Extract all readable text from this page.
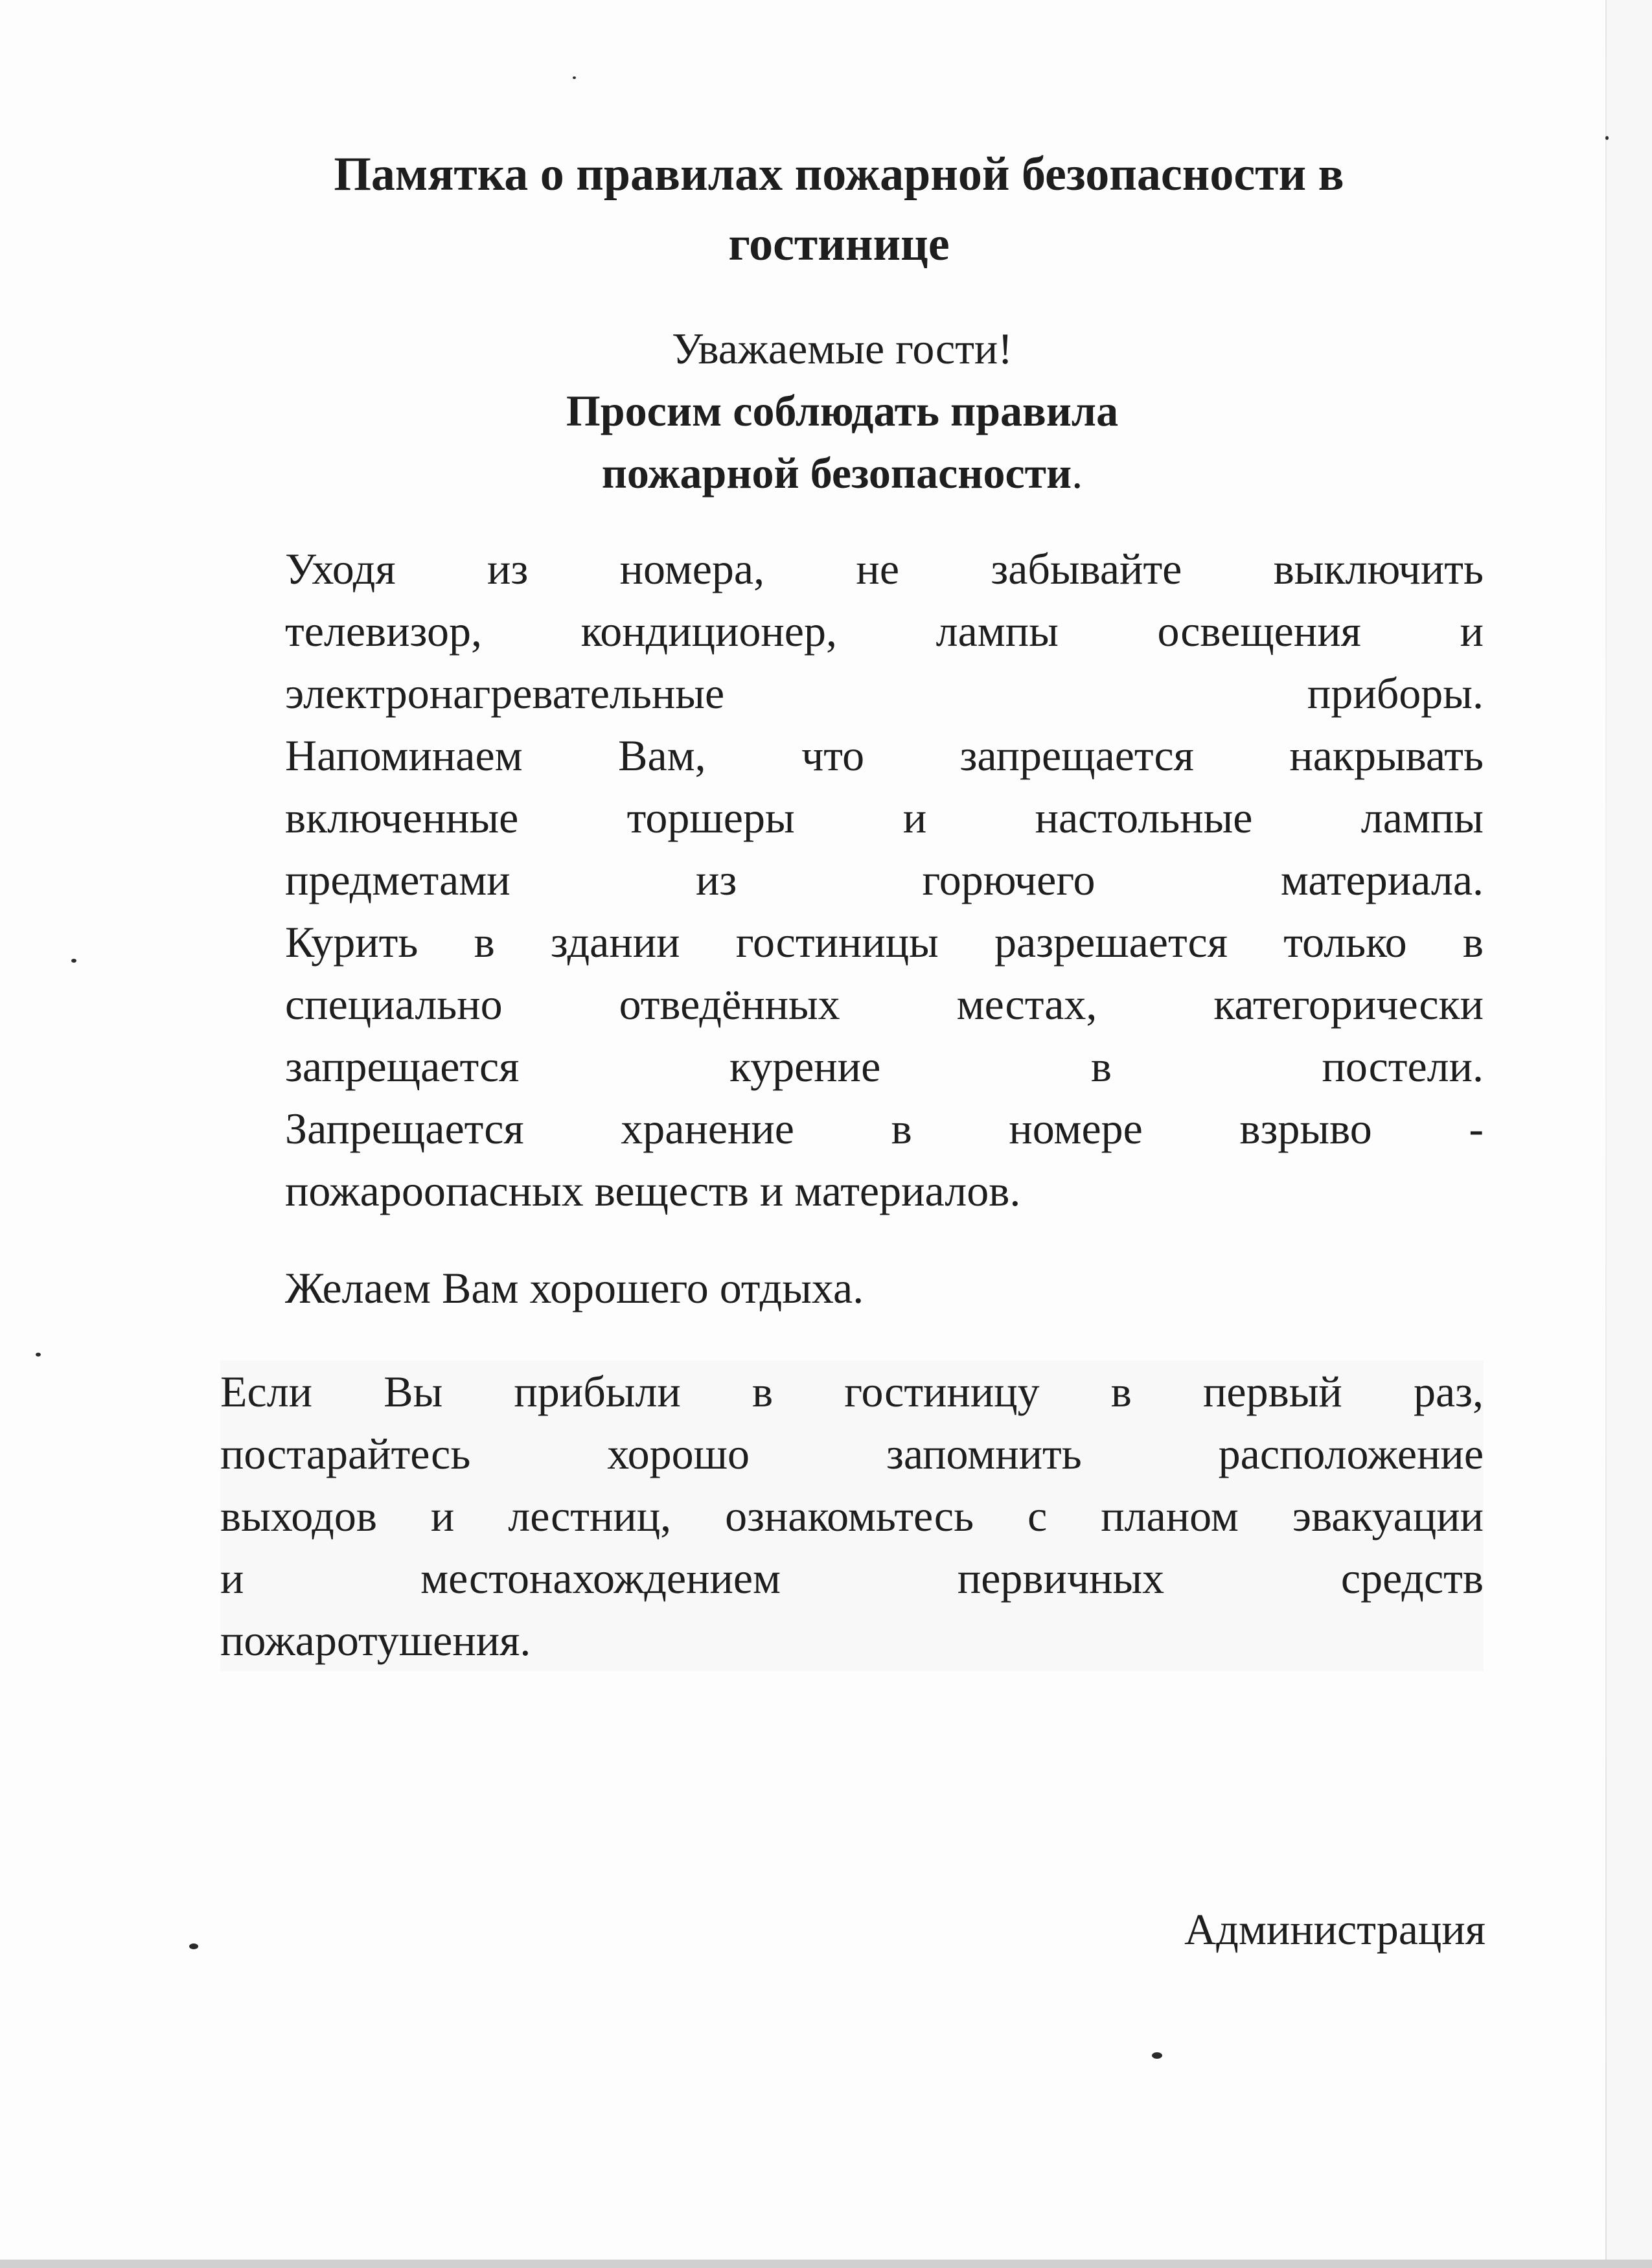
Памятка о правилах пожарной безопасности в
гостинице
Уважаемые гости!
Просим соблюдать правила пожарной безопасности.
Уходя из номера, не забывайте выключить
телевизор, кондиционер, лампы освещения и
электронагревательные приборы.
Напоминаем Вам, что запрещается накрывать
включенные торшеры и настольные лампы
предметами из горючего материала.
Курить в здании гостиницы разрешается только в
специально отведённых местах, категорически
запрещается курение в постели.
Запрещается хранение в номере взрыво -
пожароопасных веществ и материалов.
Желаем Вам хорошего отдыха.
Если Вы прибыли в гостиницу в первый раз,
постарайтесь хорошо запомнить расположение
выходов и лестниц, ознакомьтесь с планом эвакуации
и местонахождением первичных средств
пожаротушения.
Администрация
